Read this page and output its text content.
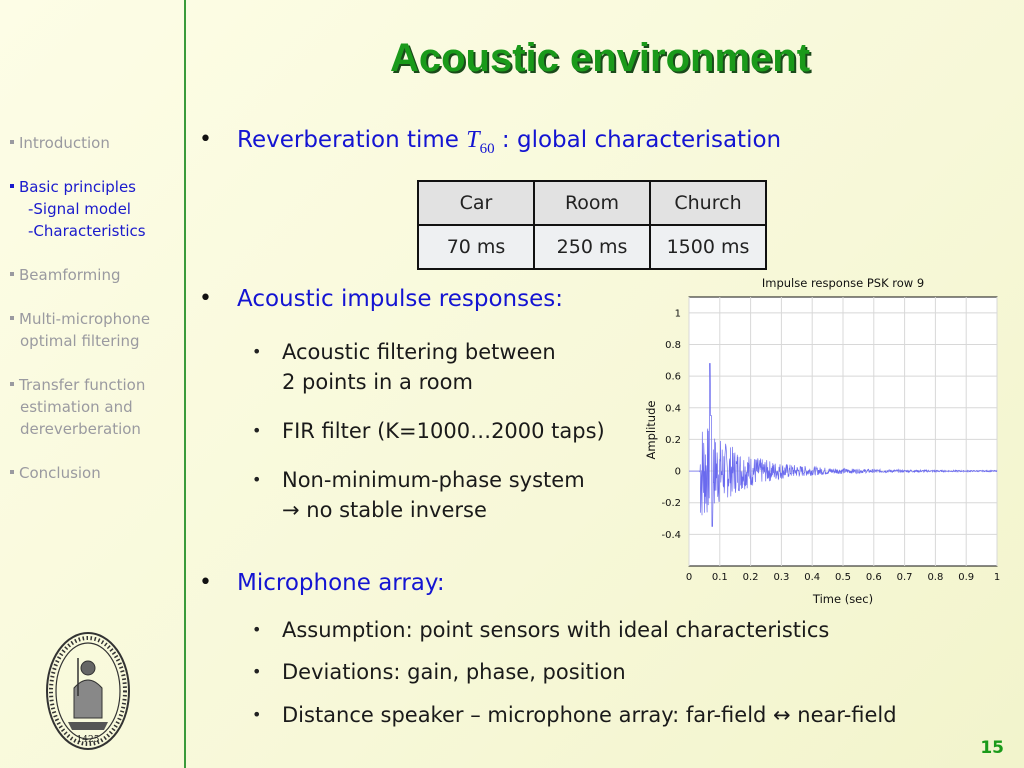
Acoustic environment
Introduction
Basic principles
-Signal model
-Characteristics
Beamforming
Multi-microphone
optimal filtering
Transfer function
estimation and
dereverberation
Conclusion
1425
• Reverberation time $T_{60}$ : global characterisation
Car	Room	Church
70 ms	250 ms	1500 ms
• Acoustic impulse responses:
• Acoustic filtering between
2 points in a room
• FIR filter (K=1000…2000 taps)
• Non-minimum-phase system
→ no stable inverse
• Microphone array:
• Assumption: point sensors with ideal characteristics
• Deviations: gain, phase, position
• Distance speaker – microphone array: far-field ↔ near-field
0 0.1 0.2 0.3 0.4 0.5 0.6 0.7 0.8 0.9 1
1
0.8
0.6
0.4
0.2
0
-0.2
-0.4
Impulse response PSK row 9
Time (sec)
Amplitude
15
